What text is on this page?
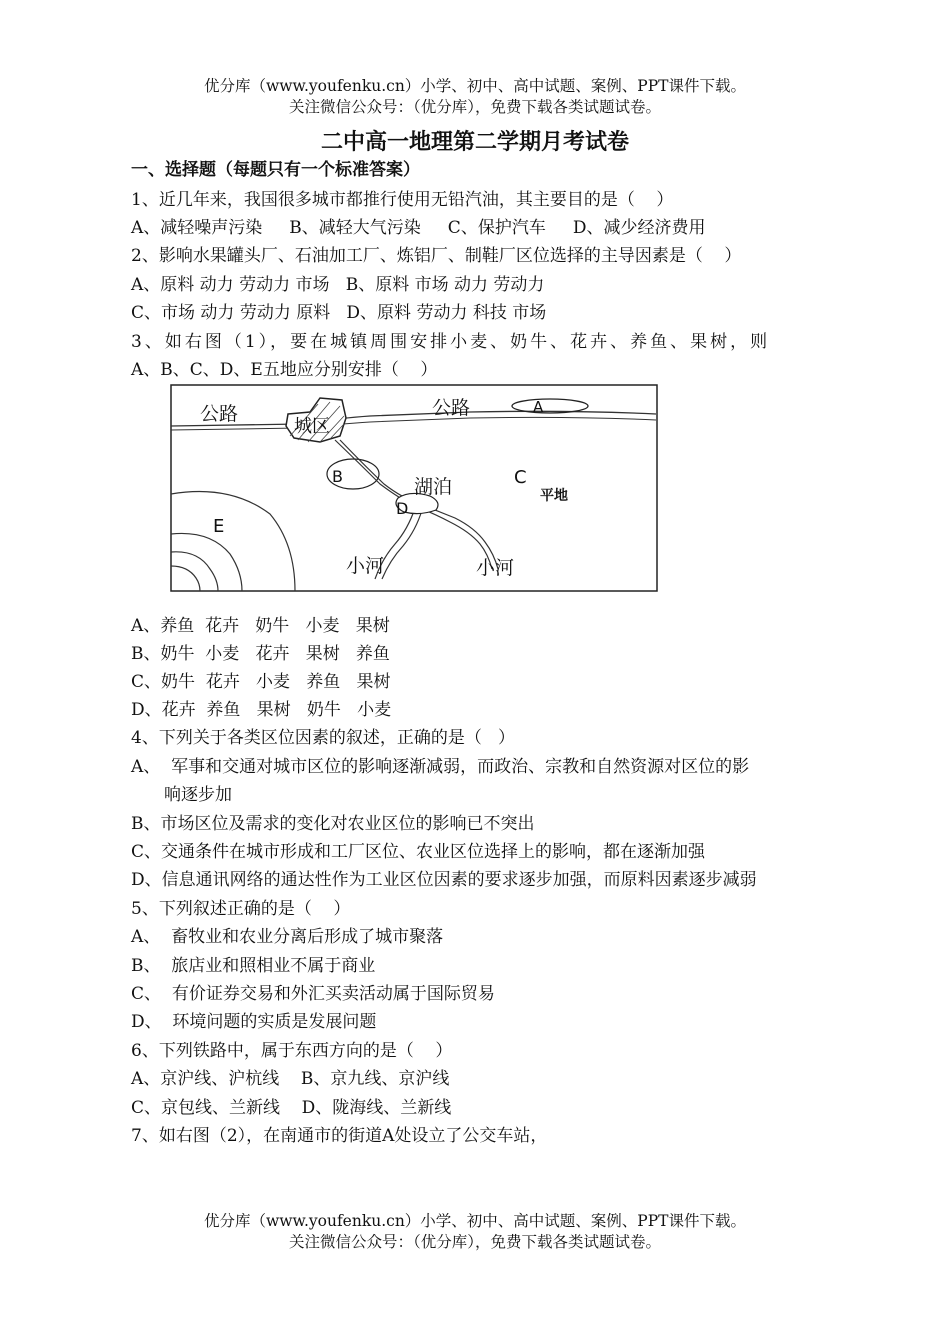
优分库（www.youfenku.cn）小学、初中、高中试题、案例、PPT课件下载。
关注微信公众号：（优分库），免费下载各类试题试卷。
二中高一地理第二学期月考试卷
一、选择题（每题只有一个标准答案）
1、近几年来，我国很多城市都推行使用无铅汽油，其主要目的是（    ）
A、减轻噪声污染     B、减轻大气污染     C、保护汽车     D、减少经济费用
2、影响水果罐头厂、石油加工厂、炼铝厂、制鞋厂区位选择的主导因素是（    ）
A、原料 动力 劳动力 市场   B、原料 市场 动力 劳动力
C、市场 动力 劳动力 原料   D、原料 劳动力 科技 市场
3、如右图（1），要在城镇周围安排小麦、奶牛、花卉、养鱼、果树，则
A、B、C、D、E五地应分别安排（    ）
公路	公路
城区
湖泊	平地
小河	小河
A
B	C
D
E
A、养鱼  花卉   奶牛   小麦   果树
B、奶牛  小麦   花卉   果树   养鱼
C、奶牛  花卉   小麦   养鱼   果树
D、花卉  养鱼   果树   奶牛   小麦
4、下列关于各类区位因素的叙述，正确的是（   ）
A、  军事和交通对城市区位的影响逐渐减弱，而政治、宗教和自然资源对区位的影
响逐步加
B、市场区位及需求的变化对农业区位的影响已不突出
C、交通条件在城市形成和工厂区位、农业区位选择上的影响，都在逐渐加强
D、信息通讯网络的通达性作为工业区位因素的要求逐步加强，而原料因素逐步减弱
5、下列叙述正确的是（    ）
A、  畜牧业和农业分离后形成了城市聚落
B、  旅店业和照相业不属于商业
C、  有价证券交易和外汇买卖活动属于国际贸易
D、  环境问题的实质是发展问题
6、下列铁路中，属于东西方向的是（    ）
A、京沪线、沪杭线    B、京九线、京沪线
C、京包线、兰新线    D、陇海线、兰新线
7、如右图（2），在南通市的街道A处设立了公交车站，
优分库（www.youfenku.cn）小学、初中、高中试题、案例、PPT课件下载。
关注微信公众号：（优分库），免费下载各类试题试卷。
